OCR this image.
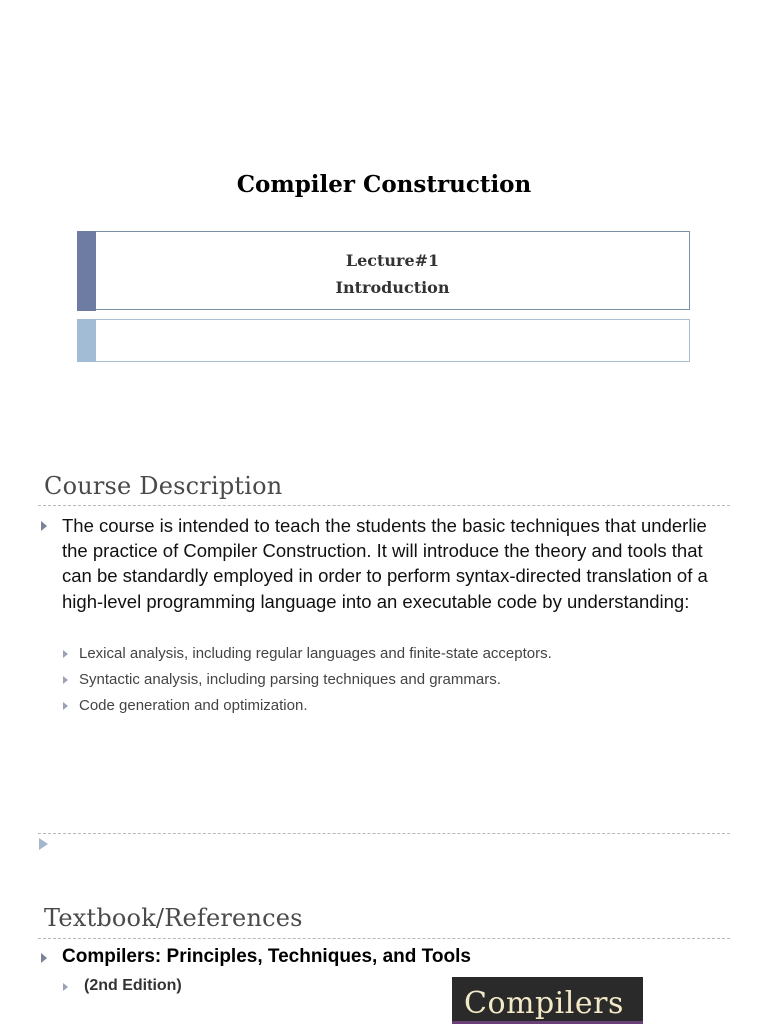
Compiler Construction
Lecture#1
Introduction
Course Description
The course is intended to teach the students the basic techniques that underlie the practice of Compiler Construction. It will introduce the theory and tools that can be standardly employed in order to perform syntax-directed translation of a high-level programming language into an executable code by understanding:
Lexical analysis, including regular languages and finite-state acceptors.
Syntactic analysis, including parsing techniques and grammars.
Code generation and optimization.
Textbook/References
Compilers: Principles, Techniques, and Tools
(2nd Edition)
Compilers
